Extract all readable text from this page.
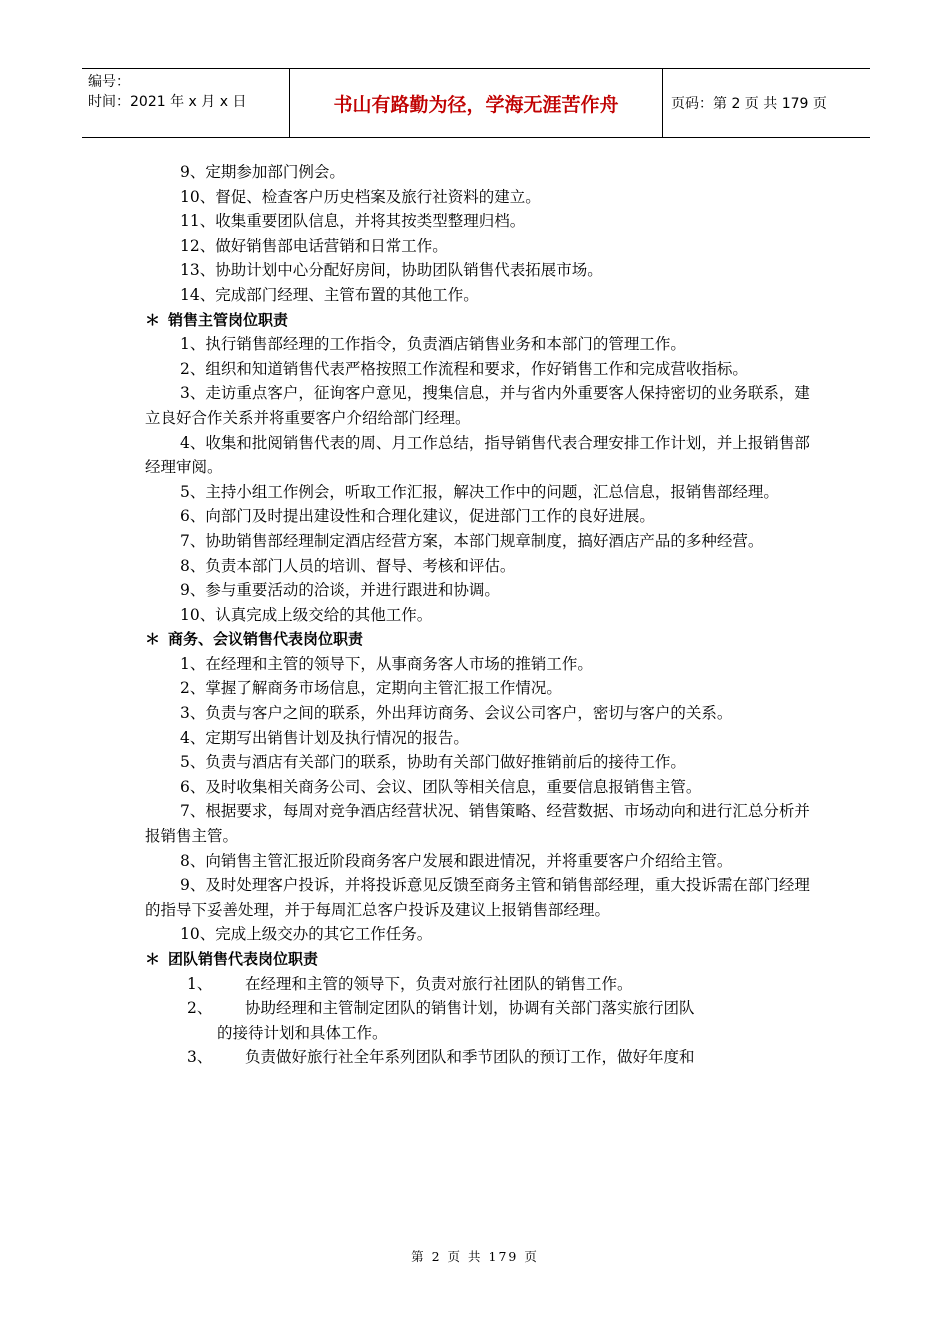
编号：
时间：2021 年 x 月 x 日	书山有路勤为径，学海无涯苦作舟	页码：第 2 页 共 179 页

9、定期参加部门例会。

10、督促、检查客户历史档案及旅行社资料的建立。

11、收集重要团队信息，并将其按类型整理归档。

12、做好销售部电话营销和日常工作。

13、协助计划中心分配好房间，协助团队销售代表拓展市场。

14、完成部门经理、主管布置的其他工作。

＊ 销售主管岗位职责

1、执行销售部经理的工作指令，负责酒店销售业务和本部门的管理工作。

2、组织和知道销售代表严格按照工作流程和要求，作好销售工作和完成营收指标。

3、走访重点客户，征询客户意见，搜集信息，并与省内外重要客人保持密切的业务联系，建立良好合作关系并将重要客户介绍给部门经理。

4、收集和批阅销售代表的周、月工作总结，指导销售代表合理安排工作计划，并上报销售部经理审阅。

5、主持小组工作例会，听取工作汇报，解决工作中的问题，汇总信息，报销售部经理。

6、向部门及时提出建设性和合理化建议，促进部门工作的良好进展。

7、协助销售部经理制定酒店经营方案，本部门规章制度，搞好酒店产品的多种经营。

8、负责本部门人员的培训、督导、考核和评估。

9、参与重要活动的洽谈，并进行跟进和协调。

10、认真完成上级交给的其他工作。

＊ 商务、会议销售代表岗位职责

1、在经理和主管的领导下，从事商务客人市场的推销工作。

2、掌握了解商务市场信息，定期向主管汇报工作情况。

3、负责与客户之间的联系，外出拜访商务、会议公司客户，密切与客户的关系。

4、定期写出销售计划及执行情况的报告。

5、负责与酒店有关部门的联系，协助有关部门做好推销前后的接待工作。

6、及时收集相关商务公司、会议、团队等相关信息，重要信息报销售主管。

7、根据要求，每周对竞争酒店经营状况、销售策略、经营数据、市场动向和进行汇总分析并报销售主管。

8、向销售主管汇报近阶段商务客户发展和跟进情况，并将重要客户介绍给主管。

9、及时处理客户投诉，并将投诉意见反馈至商务主管和销售部经理，重大投诉需在部门经理的指导下妥善处理，并于每周汇总客户投诉及建议上报销售部经理。

10、完成上级交办的其它工作任务。

＊ 团队销售代表岗位职责

1、	在经理和主管的领导下，负责对旅行社团队的销售工作。
2、	协助经理和主管制定团队的销售计划，协调有关部门落实旅行团队

的接待计划和具体工作。

3、	负责做好旅行社全年系列团队和季节团队的预订工作，做好年度和
第 2 页 共 179 页
